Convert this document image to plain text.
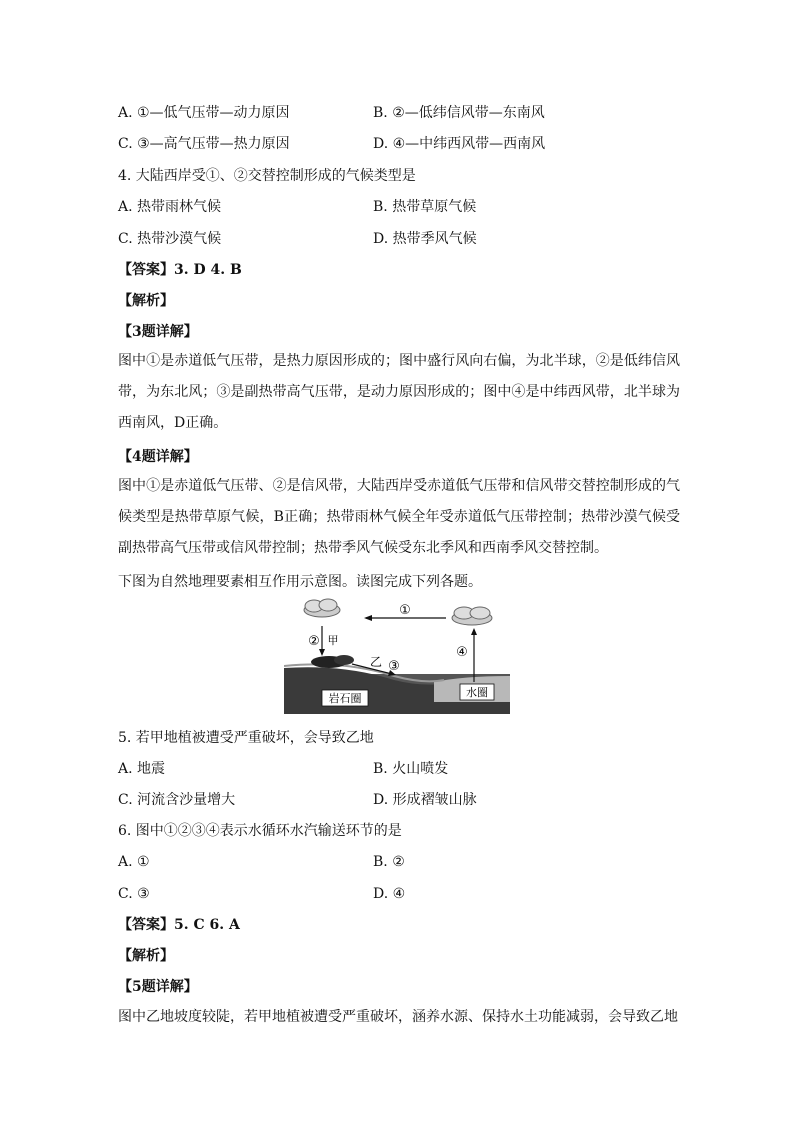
A. ①—低气压带—动力原因	B. ②—低纬信风带—东南风
C. ③—高气压带—热力原因	D. ④—中纬西风带—西南风
4. 大陆西岸受①、②交替控制形成的气候类型是
A. 热带雨林气候	B. 热带草原气候
C. 热带沙漠气候	D. 热带季风气候
【答案】3. D 4. B
【解析】
【3题详解】
图中①是赤道低气压带，是热力原因形成的；图中盛行风向右偏，为北半球，②是低纬信风带，为东北风；③是副热带高气压带，是动力原因形成的；图中④是中纬西风带，北半球为西南风，D正确。
【4题详解】
图中①是赤道低气压带、②是信风带，大陆西岸受赤道低气压带和信风带交替控制形成的气候类型是热带草原气候，B正确；热带雨林气候全年受赤道低气压带控制；热带沙漠气候受副热带高气压带或信风带控制；热带季风气候受东北季风和西南季风交替控制。
下图为自然地理要素相互作用示意图。读图完成下列各题。
①
② 甲
乙 ③
④
岩石圈	水圈
5. 若甲地植被遭受严重破坏，会导致乙地
A. 地震	B. 火山喷发
C. 河流含沙量增大	D. 形成褶皱山脉
6. 图中①②③④表示水循环水汽输送环节的是
A. ①	B. ②
C. ③	D. ④
【答案】5. C 6. A
【解析】
【5题详解】
图中乙地坡度较陡，若甲地植被遭受严重破坏，涵养水源、保持水土功能减弱，会导致乙地
